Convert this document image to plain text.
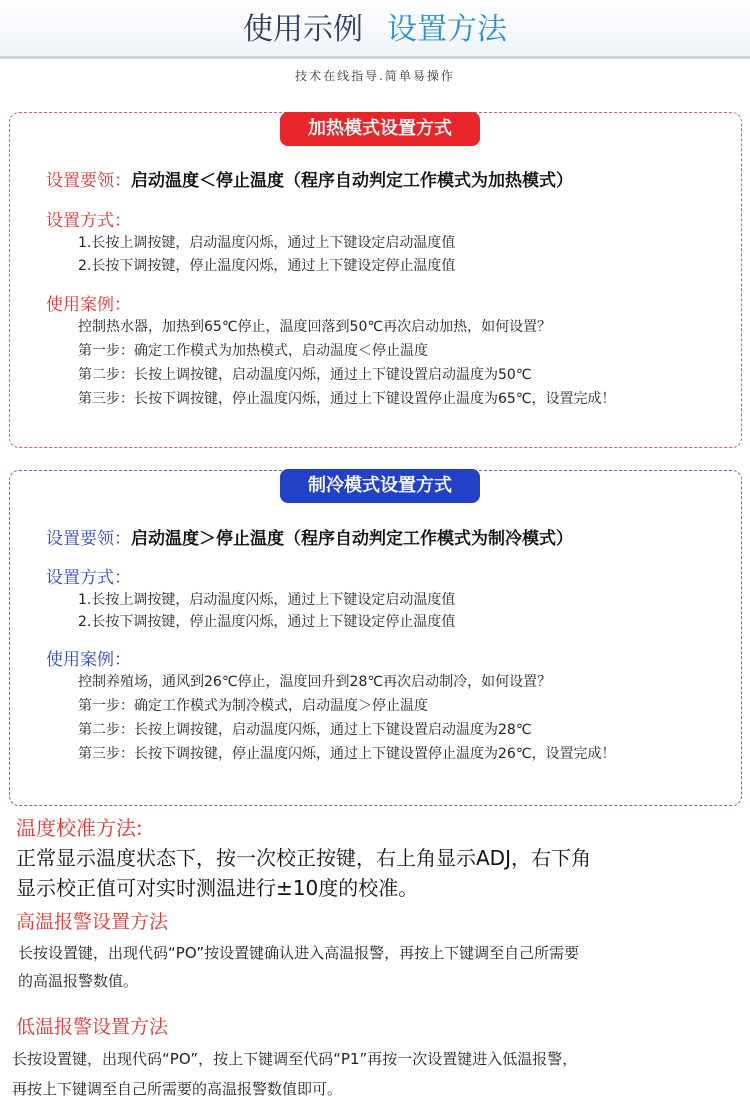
使用示例 设置方法
技术在线指导.简单易操作
加热模式设置方式
设置要领：启动温度＜停止温度（程序自动判定工作模式为加热模式）
设置方式：
1.长按上调按键，启动温度闪烁，通过上下键设定启动温度值
2.长按下调按键，停止温度闪烁，通过上下键设定停止温度值
使用案例：
控制热水器，加热到65℃停止，温度回落到50℃再次启动加热，如何设置？
第一步：确定工作模式为加热模式，启动温度＜停止温度
第二步：长按上调按键，启动温度闪烁，通过上下键设置启动温度为50℃
第三步：长按下调按键，停止温度闪烁，通过上下键设置停止温度为65℃，设置完成！
制冷模式设置方式
设置要领：启动温度＞停止温度（程序自动判定工作模式为制冷模式）
设置方式：
1.长按上调按键，启动温度闪烁，通过上下键设定启动温度值
2.长按下调按键，停止温度闪烁，通过上下键设定停止温度值
使用案例：
控制养殖场，通风到26℃停止，温度回升到28℃再次启动制冷，如何设置？
第一步：确定工作模式为制冷模式，启动温度＞停止温度
第二步：长按上调按键，启动温度闪烁，通过上下键设置启动温度为28℃
第三步：长按下调按键，停止温度闪烁，通过上下键设置停止温度为26℃，设置完成！
温度校准方法:
正常显示温度状态下，按一次校正按键，右上角显示ADJ，右下角
显示校正值可对实时测温进行±10度的校准。
高温报警设置方法
长按设置键，出现代码“PO”按设置键确认进入高温报警，再按上下键调至自己所需要
的高温报警数值。
低温报警设置方法
长按设置键，出现代码“PO”，按上下键调至代码“P1”再按一次设置键进入低温报警，
再按上下键调至自己所需要的高温报警数值即可。
